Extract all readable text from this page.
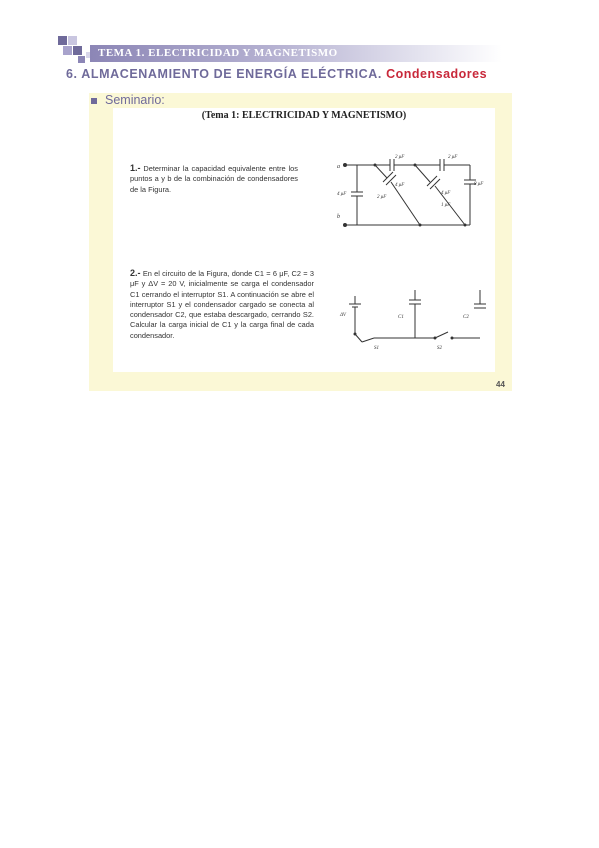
TEMA 1. ELECTRICIDAD Y MAGNETISMO
6. ALMACENAMIENTO DE ENERGÍA ELÉCTRICA. Condensadores
Seminario:
(Tema 1: ELECTRICIDAD Y MAGNETISMO)
1.- Determinar la capacidad equivalente entre los puntos a y b de la combinación de condensadores de la Figura.
2.- En el circuito de la Figura, donde C1 = 6 μF, C2 = 3 μF y ΔV = 20 V, inicialmente se carga el condensador C1 cerrando el interruptor S1. A continuación se abre el interruptor S1 y el condensador cargado se conecta al condensador C2, que estaba descargado, cerrando S2. Calcular la carga inicial de C1 y la carga final de cada condensador.
a
b
2 μF	2 μF
4 μF
4 μF
2 μF
4 μF
1 μF
8 μF
ΔV	C1	C2
S1	S2
44
